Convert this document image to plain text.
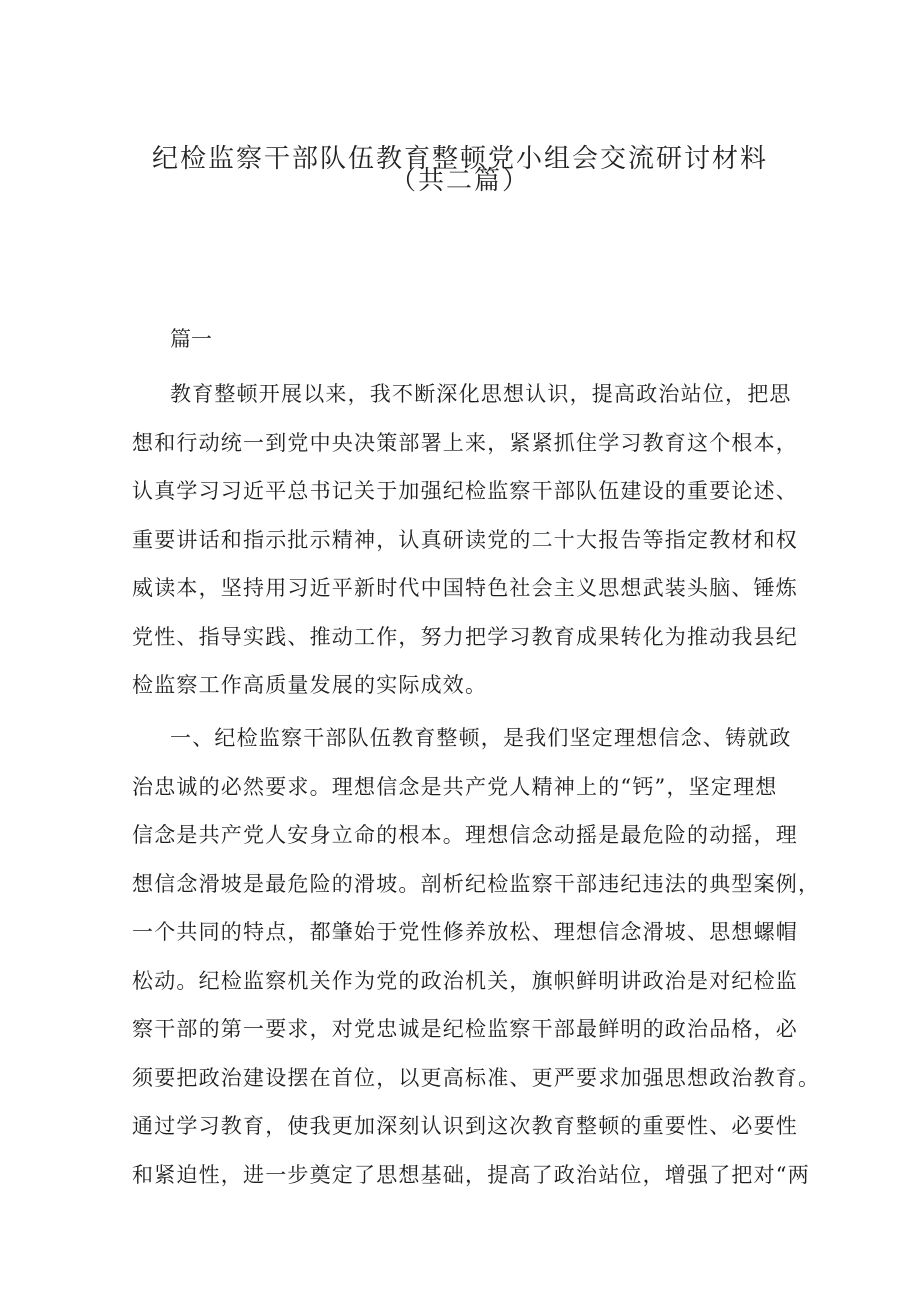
纪检监察干部队伍教育整顿党小组会交流研讨材料
（共二篇）
篇一

教育整顿开展以来，我不断深化思想认识，提高政治站位，把思

想和行动统一到党中央决策部署上来，紧紧抓住学习教育这个根本，

认真学习习近平总书记关于加强纪检监察干部队伍建设的重要论述、

重要讲话和指示批示精神，认真研读党的二十大报告等指定教材和权

威读本，坚持用习近平新时代中国特色社会主义思想武装头脑、锤炼

党性、指导实践、推动工作，努力把学习教育成果转化为推动我县纪

检监察工作高质量发展的实际成效。

一、纪检监察干部队伍教育整顿，是我们坚定理想信念、铸就政

治忠诚的必然要求。理想信念是共产党人精神上的“钙”，坚定理想

信念是共产党人安身立命的根本。理想信念动摇是最危险的动摇，理

想信念滑坡是最危险的滑坡。剖析纪检监察干部违纪违法的典型案例，

一个共同的特点，都肇始于党性修养放松、理想信念滑坡、思想螺帽

松动。纪检监察机关作为党的政治机关，旗帜鲜明讲政治是对纪检监

察干部的第一要求，对党忠诚是纪检监察干部最鲜明的政治品格，必

须要把政治建设摆在首位，以更高标准、更严要求加强思想政治教育。

通过学习教育，使我更加深刻认识到这次教育整顿的重要性、必要性

和紧迫性，进一步奠定了思想基础，提高了政治站位，增强了把对“两
